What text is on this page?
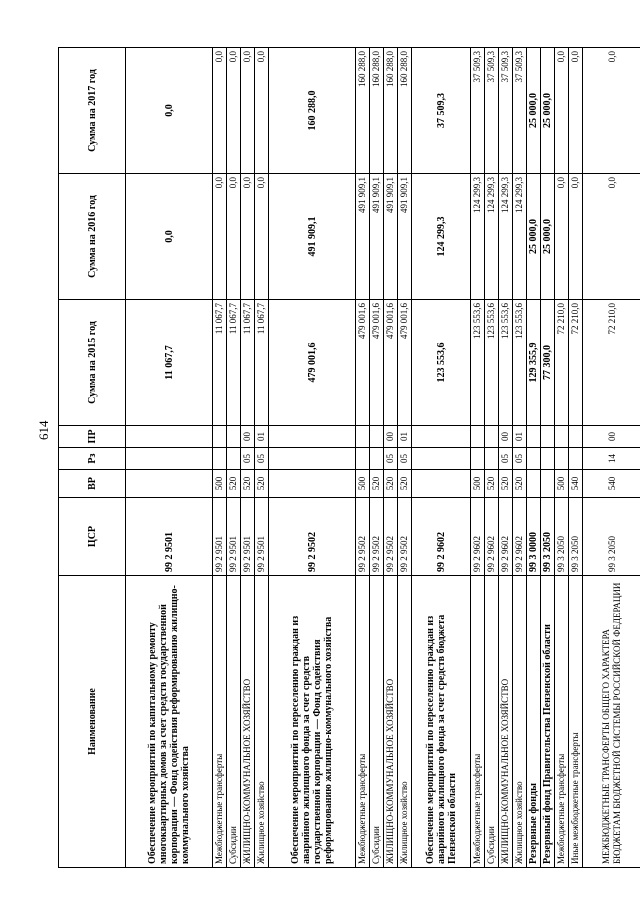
614
Наименование	ЦСР	ВР	Рз	ПР	Сумма на 2015 год	Сумма на 2016 год	Сумма на 2017 год
Обеспечение мероприятий по капитальному ремонту многоквартирных домов за счет средств государственной корпорации — Фонд содействия реформированию жилищно-коммунального хозяйства	99 2 9501				11 067,7	0,0	0,0
Межбюджетные трансферты	99 2 9501	500			11 067,7	0,0	0,0
Субсидии	99 2 9501	520			11 067,7	0,0	0,0
ЖИЛИЩНО-КОММУНАЛЬНОЕ ХОЗЯЙСТВО	99 2 9501	520	05	00	11 067,7	0,0	0,0
Жилищное хозяйство	99 2 9501	520	05	01	11 067,7	0,0	0,0
Обеспечение мероприятий по переселению граждан из аварийного жилищного фонда за счет средств государственной корпорации — Фонд содействия реформированию жилищно-коммунального хозяйства	99 2 9502				479 001,6	491 909,1	160 288,0
Межбюджетные трансферты	99 2 9502	500			479 001,6	491 909,1	160 288,0
Субсидии	99 2 9502	520			479 001,6	491 909,1	160 288,0
ЖИЛИЩНО-КОММУНАЛЬНОЕ ХОЗЯЙСТВО	99 2 9502	520	05	00	479 001,6	491 909,1	160 288,0
Жилищное хозяйство	99 2 9502	520	05	01	479 001,6	491 909,1	160 288,0
Обеспечение мероприятий по переселению граждан из аварийного жилищного фонда за счет средств бюджета Пензенской области	99 2 9602				123 553,6	124 299,3	37 509,3
Межбюджетные трансферты	99 2 9602	500			123 553,6	124 299,3	37 509,3
Субсидии	99 2 9602	520			123 553,6	124 299,3	37 509,3
ЖИЛИЩНО-КОММУНАЛЬНОЕ ХОЗЯЙСТВО	99 2 9602	520	05	00	123 553,6	124 299,3	37 509,3
Жилищное хозяйство	99 2 9602	520	05	01	123 553,6	124 299,3	37 509,3
Резервные фонды	99 3 0000				129 355,9	25 000,0	25 000,0
Резервный фонд Правительства Пензенской области	99 3 2050				77 300,0	25 000,0	25 000,0
Межбюджетные трансферты	99 3 2050	500			72 210,0	0,0	0,0
Иные межбюджетные трансферты	99 3 2050	540			72 210,0	0,0	0,0
МЕЖБЮДЖЕТНЫЕ ТРАНСФЕРТЫ ОБЩЕГО ХАРАКТЕРА БЮДЖЕТАМ БЮДЖЕТНОЙ СИСТЕМЫ РОССИЙСКОЙ ФЕДЕРАЦИИ	99 3 2050	540	14	00	72 210,0	0,0	0,0
